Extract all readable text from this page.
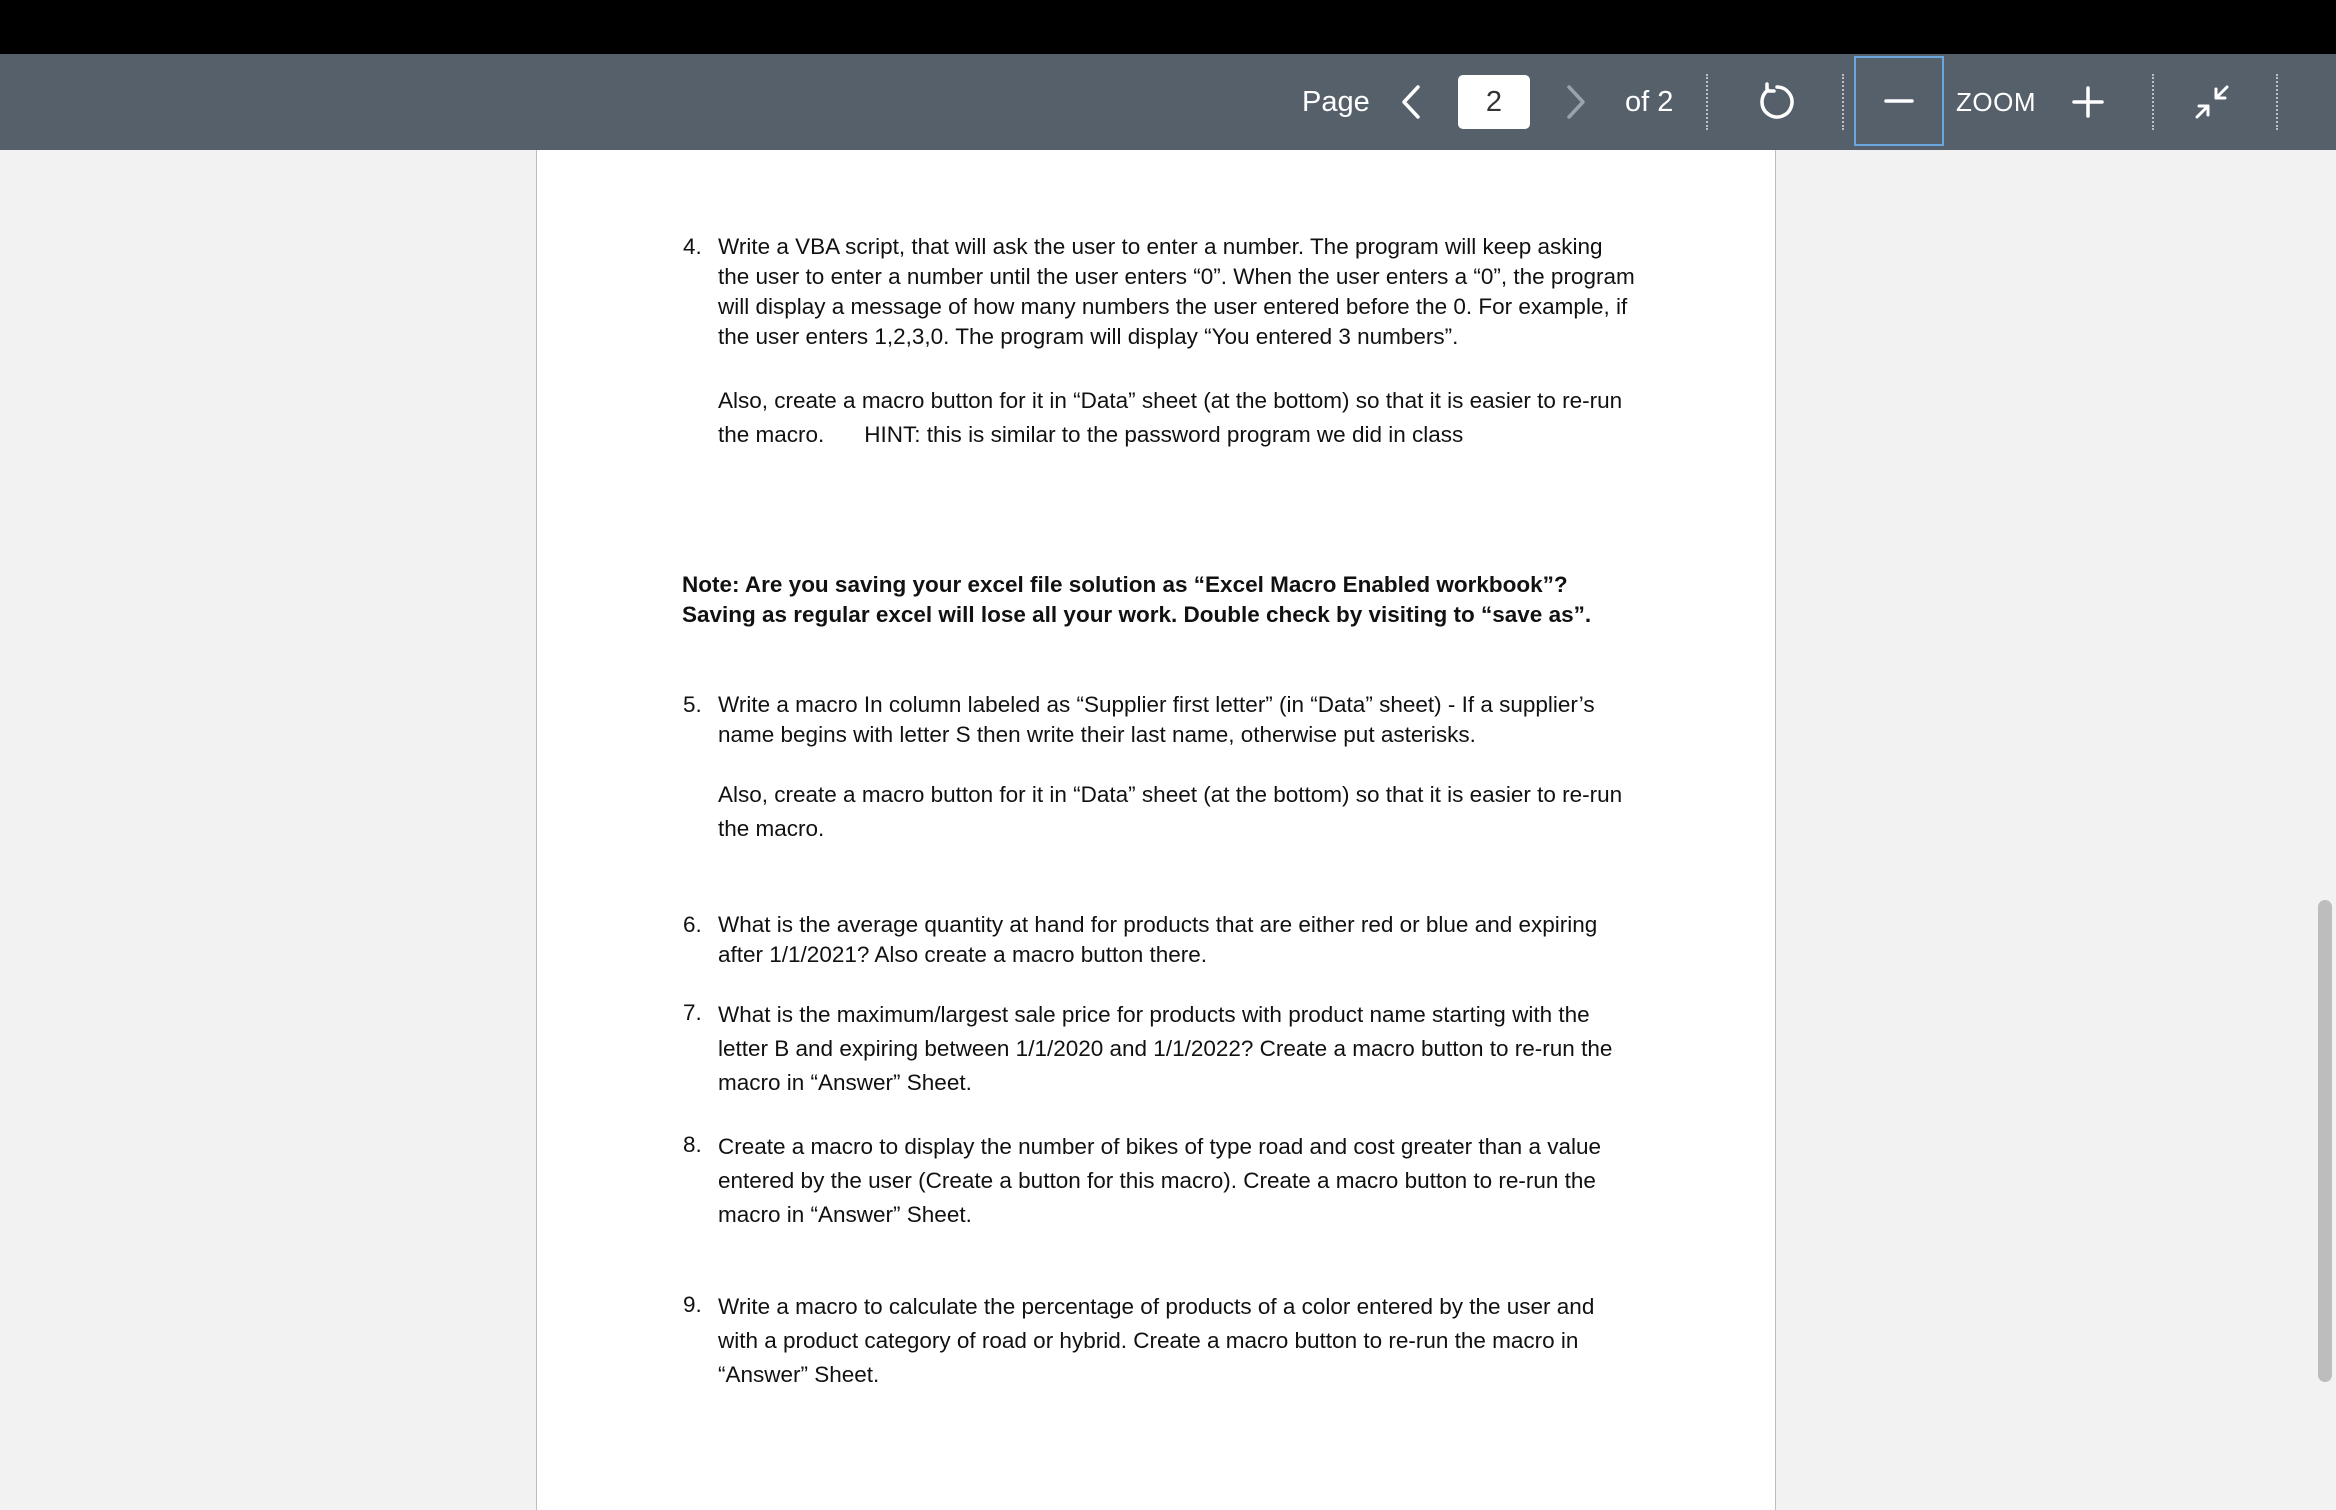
Page
2	of 2	ZOOM
4. Write a VBA script, that will ask the user to enter a number. The program will keep asking the user to enter a number until the user enters “0”. When the user enters a “0”, the program will display a message of how many numbers the user entered before the 0. For example, if the user enters 1,2,3,0. The program will display “You entered 3 numbers”.

Also, create a macro button for it in “Data” sheet (at the bottom) so that it is easier to re-run the macro. HINT: this is similar to the password program we did in class

Note: Are you saving your excel file solution as “Excel Macro Enabled workbook”? Saving as regular excel will lose all your work. Double check by visiting to “save as”.
5. Write a macro In column labeled as “Supplier first letter” (in “Data” sheet) - If a supplier’s name begins with letter S then write their last name, otherwise put asterisks.

Also, create a macro button for it in “Data” sheet (at the bottom) so that it is easier to re-run the macro.

6. What is the average quantity at hand for products that are either red or blue and expiring after 1/1/2021? Also create a macro button there.

7. What is the maximum/largest sale price for products with product name starting with the letter B and expiring between 1/1/2020 and 1/1/2022? Create a macro button to re-run the macro in “Answer” Sheet.

8. Create a macro to display the number of bikes of type road and cost greater than a value entered by the user (Create a button for this macro). Create a macro button to re-run the macro in “Answer” Sheet.

9. Write a macro to calculate the percentage of products of a color entered by the user and with a product category of road or hybrid. Create a macro button to re-run the macro in “Answer” Sheet.
